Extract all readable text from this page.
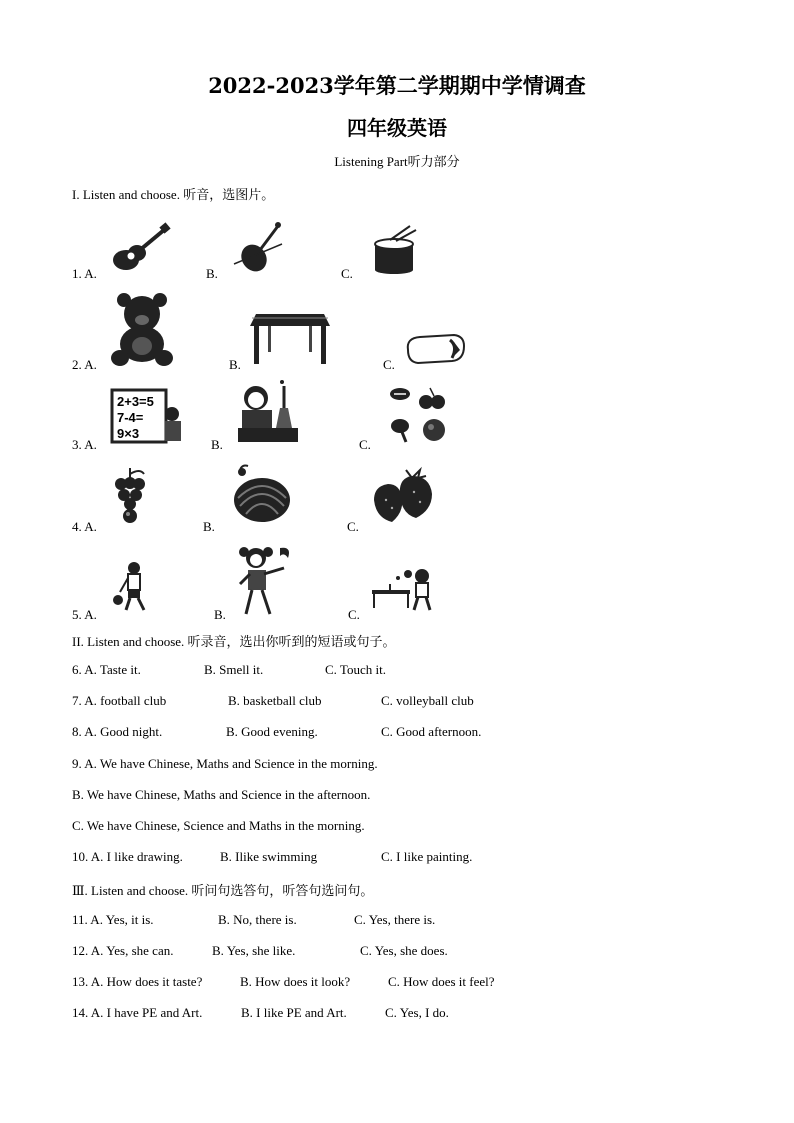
2022-2023学年第二学期期中学情调查
四年级英语
Listening Part听力部分
I. Listen and choose. 听音，选图片。
1. A.	B.	C.
2. A.	B.	C.
3. A.	B.	C.
2+3=5
7-4=
9×3
4. A.	B.	C.
5. A.	B.	C.
II. Listen and choose. 听录音，选出你听到的短语或句子。
6. A. Taste it.	B. Smell it.	C. Touch it.
7. A. football club	B. basketball club	C. volleyball club
8. A. Good night.	B. Good evening.	C. Good afternoon.
9. A. We have Chinese, Maths and Science in the morning.
B. We have Chinese, Maths and Science in the afternoon.
C. We have Chinese, Science and Maths in the morning.
10. A. I like drawing.	B. Ilike swimming	C. I like painting.
Ⅲ. Listen and choose. 听问句选答句，听答句选问句。
11. A. Yes, it is.	B. No, there is.	C. Yes, there is.
12. A. Yes, she can.	B. Yes, she like.	C. Yes, she does.
13. A. How does it taste?	B. How does it look?	C. How does it feel?
14. A. I have PE and Art.	B. I like PE and Art.	C. Yes, I do.
